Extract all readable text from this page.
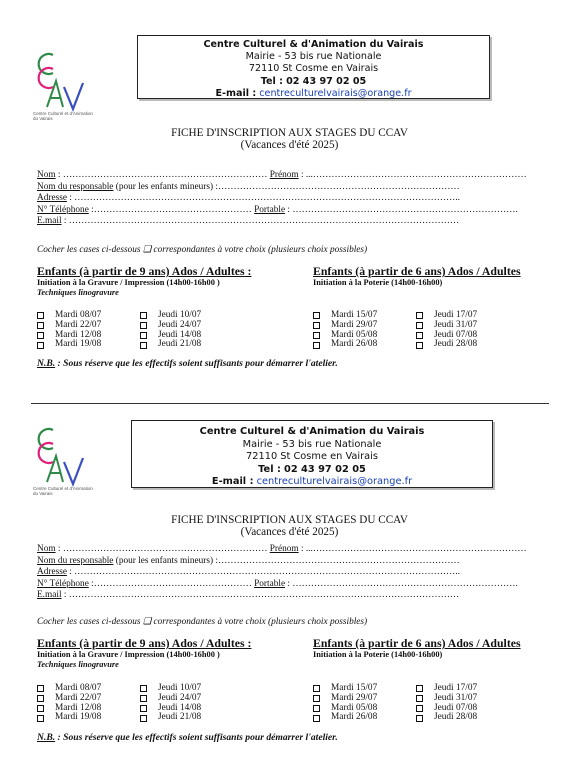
Centre Culturel et d'Animation du Vairais
Centre Culturel & d'Animation du Vairais
Mairie - 53 bis rue Nationale
72110 St Cosme en Vairais
Tel : 02 43 97 02 05
E-mail : centreculturelvairais@orange.fr
FICHE D'INSCRIPTION AUX STAGES DU CCAV
(Vacances d'été 2025)
Nom : ………………………………………………………… Prénom : ...……………………………………………………………
Nom du responsable (pour les enfants mineurs) :……………………………………………………………………
Adresse : ……………………………………………………………………………………………………………..
N° Téléphone :…………………………………………… Portable : ……………………………………………………………….
E.mail : ………………………………………………………………………………………………………………
Cocher les cases ci-dessous ❑ correspondantes à votre choix (plusieurs choix possibles)
Enfants (à partir de 9 ans) Ados / Adultes :
Initiation à la Gravure / Impression (14h00-16h00 )
Techniques linogravure
Enfants (à partir de 6 ans) Ados / Adultes
Initiation à la Poterie (14h00-16h00)
Mardi 08/07
Mardi 22/07
Mardi 12/08
Mardi 19/08
Jeudi 10/07
Jeudi 24/07
Jeudi 14/08
Jeudi 21/08
Mardi 15/07
Mardi 29/07
Mardi 05/08
Mardi 26/08
Jeudi 17/07
Jeudi 31/07
Jeudi 07/08
Jeudi 28/08
N.B. : Sous réserve que les effectifs soient suffisants pour démarrer l'atelier.
Centre Culturel et d'Animation du Vairais
Centre Culturel & d'Animation du Vairais
Mairie - 53 bis rue Nationale
72110 St Cosme en Vairais
Tel : 02 43 97 02 05
E-mail : centreculturelvairais@orange.fr
FICHE D'INSCRIPTION AUX STAGES DU CCAV
(Vacances d'été 2025)
Nom : ………………………………………………………… Prénom : ...……………………………………………………………
Nom du responsable (pour les enfants mineurs) :……………………………………………………………………
Adresse : ……………………………………………………………………………………………………………..
N° Téléphone :…………………………………………… Portable : ……………………………………………………………….
E.mail : ………………………………………………………………………………………………………………
Cocher les cases ci-dessous ❑ correspondantes à votre choix (plusieurs choix possibles)
Enfants (à partir de 9 ans) Ados / Adultes :
Initiation à la Gravure / Impression (14h00-16h00 )
Techniques linogravure
Enfants (à partir de 6 ans) Ados / Adultes
Initiation à la Poterie (14h00-16h00)
Mardi 08/07
Mardi 22/07
Mardi 12/08
Mardi 19/08
Jeudi 10/07
Jeudi 24/07
Jeudi 14/08
Jeudi 21/08
Mardi 15/07
Mardi 29/07
Mardi 05/08
Mardi 26/08
Jeudi 17/07
Jeudi 31/07
Jeudi 07/08
Jeudi 28/08
N.B. : Sous réserve que les effectifs soient suffisants pour démarrer l'atelier.
